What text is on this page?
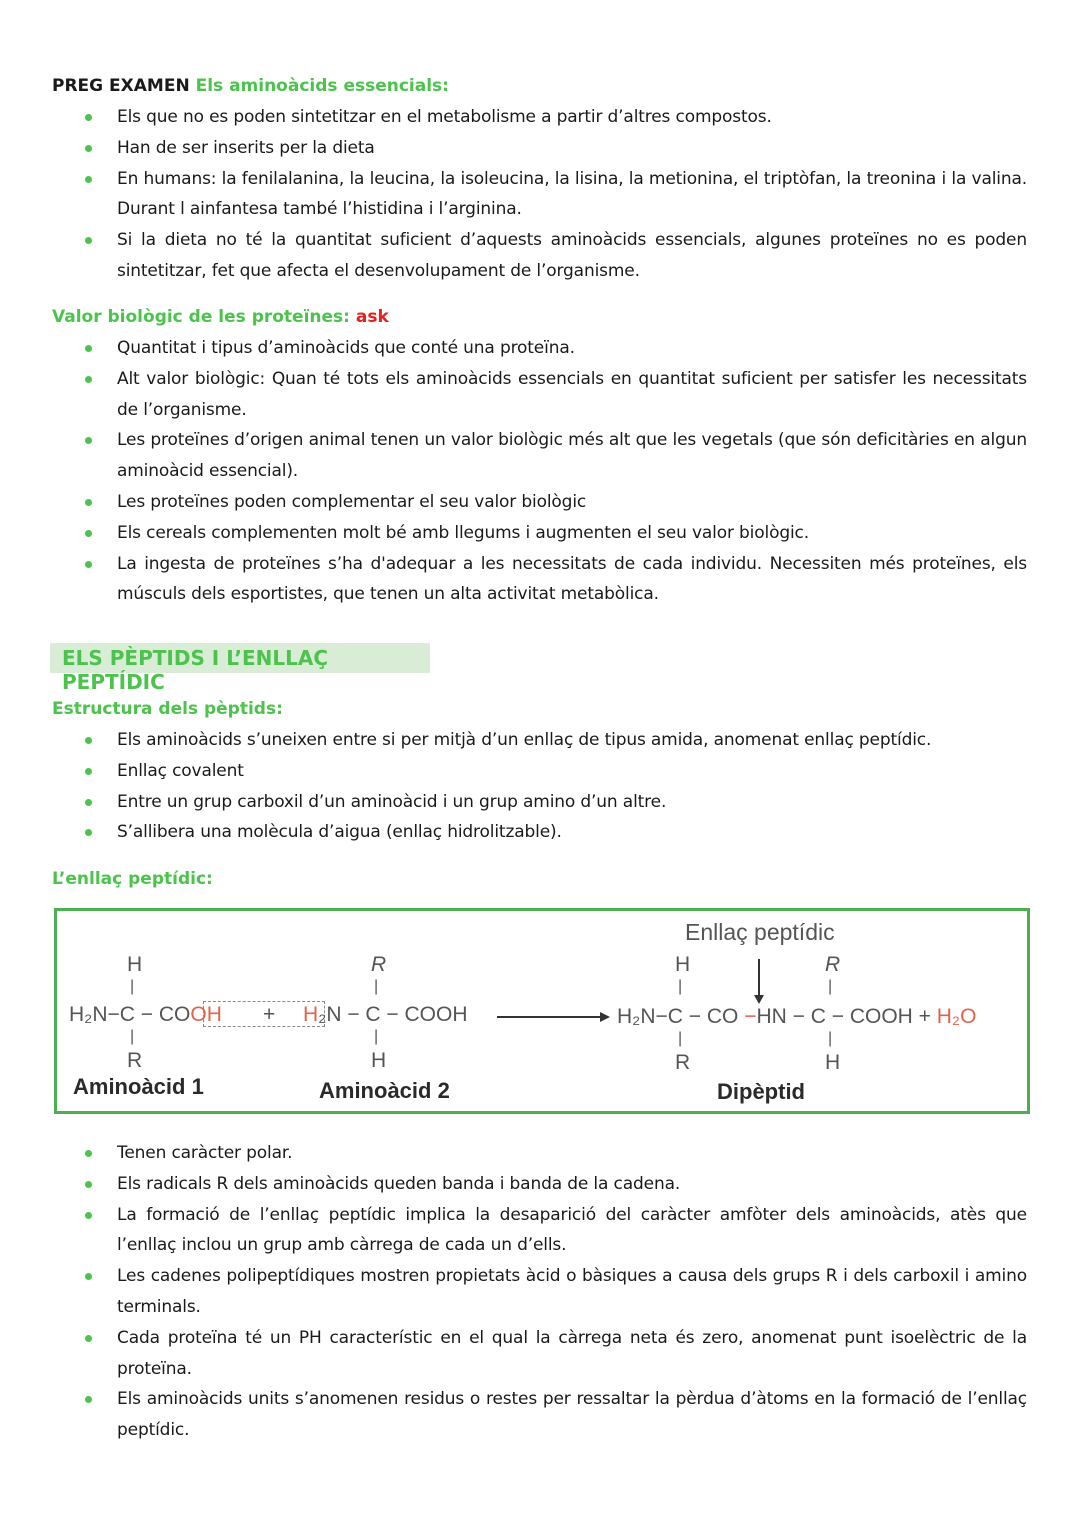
PREG EXAMEN Els aminoàcids essencials:
Els que no es poden sintetitzar en el metabolisme a partir d’altres compostos.
Han de ser inserits per la dieta
En humans: la fenilalanina, la leucina, la isoleucina, la lisina, la metionina, el triptòfan, la treonina i la valina. Durant l ainfantesa també l’histidina i l’arginina.
Si la dieta no té la quantitat suficient d’aquests aminoàcids essencials, algunes proteïnes no es poden sintetitzar, fet que afecta el desenvolupament de l’organisme.
Valor biològic de les proteïnes: ask
Quantitat i tipus d’aminoàcids que conté una proteïna.
Alt valor biològic: Quan té tots els aminoàcids essencials en quantitat suficient per satisfer les necessitats de l’organisme.
Les proteïnes d’origen animal tenen un valor biològic més alt que les vegetals (que són deficitàries en algun aminoàcid essencial).
Les proteïnes poden complementar el seu valor biològic
Els cereals complementen molt bé amb llegums i augmenten el seu valor biològic.
La ingesta de proteïnes s’ha d'adequar a les necessitats de cada individu. Necessiten més proteïnes, els músculs dels esportistes, que tenen un alta activitat metabòlica.
ELS PÈPTIDS I L’ENLLAÇ PEPTÍDIC
Estructura dels pèptids:
Els aminoàcids s’uneixen entre si per mitjà d’un enllaç de tipus amida, anomenat enllaç peptídic.
Enllaç covalent
Entre un grup carboxil d’un aminoàcid i un grup amino d’un altre.
S’allibera una molècula d’aigua (enllaç hidrolitzable).
L’enllaç peptídic:
H
|
H₂N−C − COOH
|
R
+
R
|
H₂N − C − COOH
|
H
Enllaç peptídic
H
|
H₂N−C − CO −HN − C − COOH + H₂O
|
R
R
|
|
H
Aminoàcid 1	Aminoàcid 2	Dipèptid
Tenen caràcter polar.
Els radicals R dels aminoàcids queden banda i banda de la cadena.
La formació de l’enllaç peptídic implica la desaparició del caràcter amfòter dels aminoàcids, atès que l’enllaç inclou un grup amb càrrega de cada un d’ells.
Les cadenes polipeptídiques mostren propietats àcid o bàsiques a causa dels grups R i dels carboxil i amino terminals.
Cada proteïna té un PH característic en el qual la càrrega neta és zero, anomenat punt isoelèctric de la proteïna.
Els aminoàcids units s’anomenen residus o restes per ressaltar la pèrdua d’àtoms en la formació de l’enllaç peptídic.
